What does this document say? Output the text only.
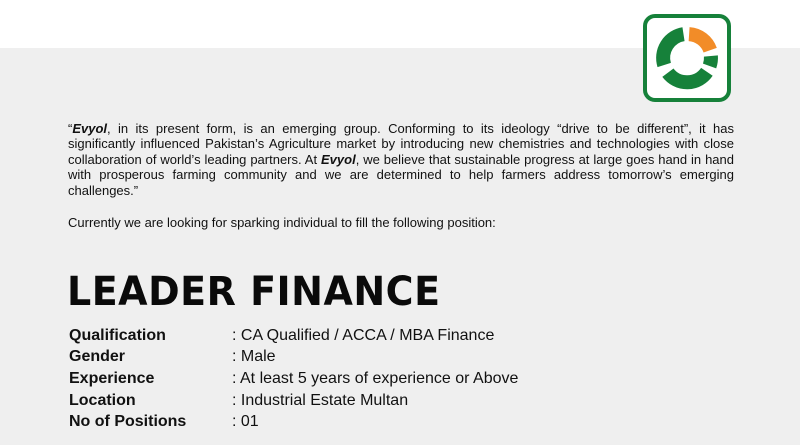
“Evyol, in its present form, is an emerging group. Conforming to its ideology “drive to be different”, it has significantly influenced Pakistan’s Agriculture market by introducing new chemistries and technologies with close collaboration of world’s leading partners. At Evyol, we believe that sustainable progress at large goes hand in hand with prosperous farming community and we are determined to help farmers address tomorrow’s emerging challenges.”

Currently we are looking for sparking individual to fill the following position:

LEADER FINANCE
Qualification	: CA Qualified / ACCA / MBA Finance
Gender	: Male
Experience	: At least 5 years of experience or Above
Location	: Industrial Estate Multan
No of Positions	: 01
